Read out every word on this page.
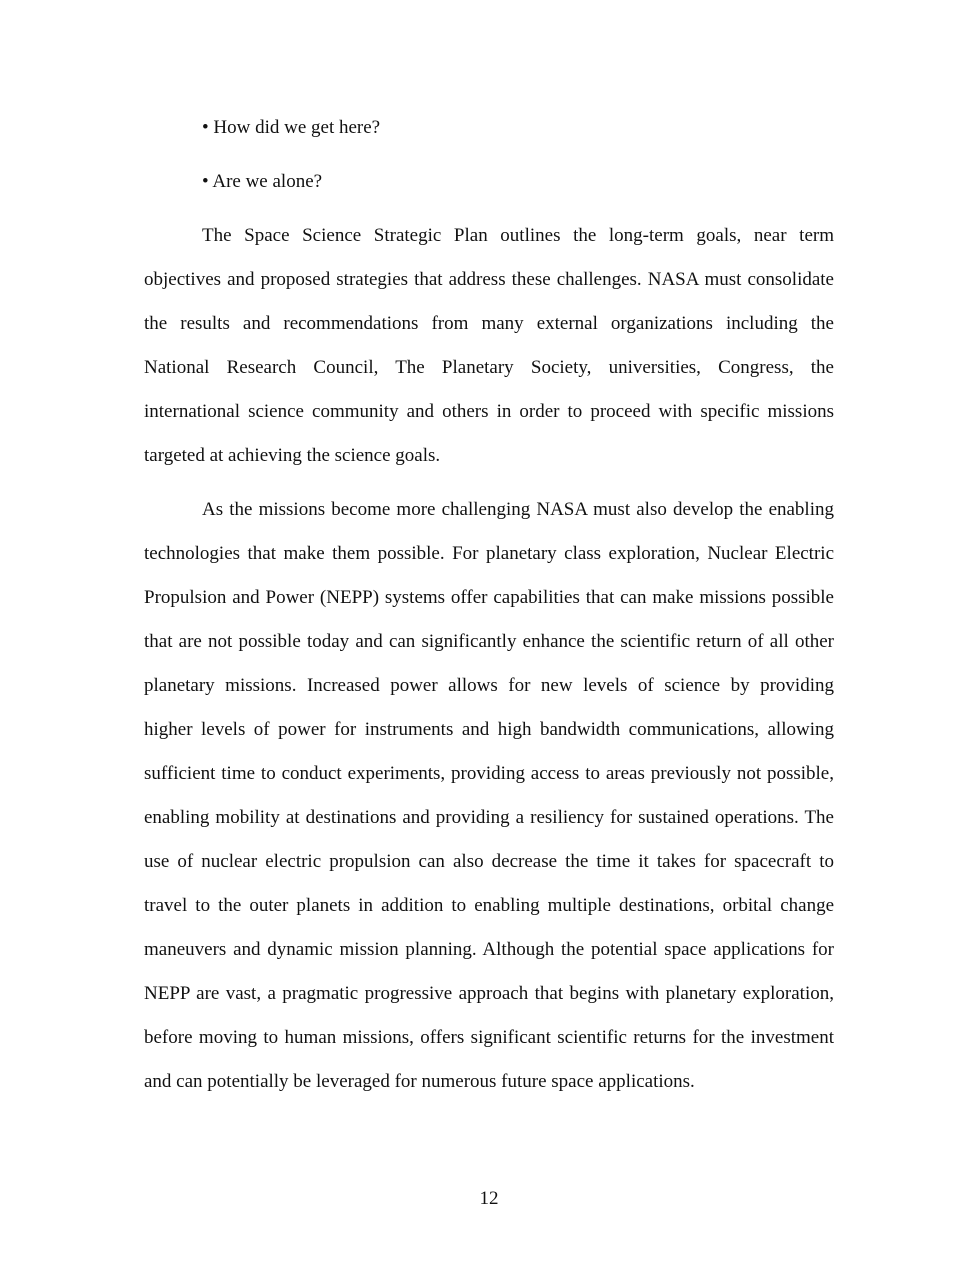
• How did we get here?
• Are we alone?
The Space Science Strategic Plan outlines the long-term goals, near term
objectives and proposed strategies that address these challenges. NASA must consolidate
the results and recommendations from many external organizations including the
National Research Council, The Planetary Society, universities, Congress, the
international science community and others in order to proceed with specific missions
targeted at achieving the science goals.
As the missions become more challenging NASA must also develop the enabling
technologies that make them possible. For planetary class exploration, Nuclear Electric
Propulsion and Power (NEPP) systems offer capabilities that can make missions possible
that are not possible today and can significantly enhance the scientific return of all other
planetary missions. Increased power allows for new levels of science by providing
higher levels of power for instruments and high bandwidth communications, allowing
sufficient time to conduct experiments, providing access to areas previously not possible,
enabling mobility at destinations and providing a resiliency for sustained operations. The
use of nuclear electric propulsion can also decrease the time it takes for spacecraft to
travel to the outer planets in addition to enabling multiple destinations, orbital change
maneuvers and dynamic mission planning. Although the potential space applications for
NEPP are vast, a pragmatic progressive approach that begins with planetary exploration,
before moving to human missions, offers significant scientific returns for the investment
and can potentially be leveraged for numerous future space applications.
12
